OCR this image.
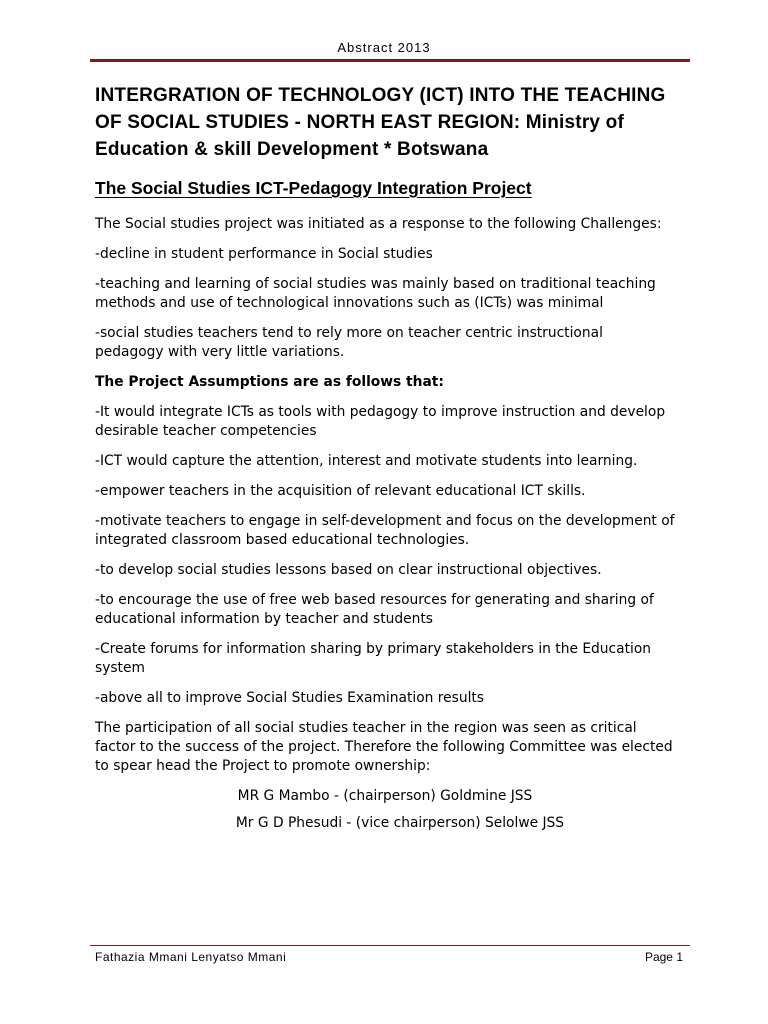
Abstract 2013
INTERGRATION OF TECHNOLOGY (ICT) INTO THE TEACHING OF SOCIAL STUDIES - NORTH EAST REGION: Ministry of Education & skill Development * Botswana
The Social Studies ICT-Pedagogy Integration Project

The Social studies project was initiated as a response to the following Challenges:

-decline in student performance in Social studies

-teaching and learning of social studies was mainly based on traditional teaching methods and use of technological innovations such as (ICTs) was minimal

-social studies teachers tend to rely more on teacher centric instructional pedagogy with very little variations.

The Project Assumptions are as follows that:

-It would integrate ICTs as tools with pedagogy to improve instruction and develop desirable teacher competencies

-ICT would capture the attention, interest and motivate students into learning.

-empower teachers in the acquisition of relevant educational ICT skills.

-motivate teachers to engage in self-development and focus on the development of integrated classroom based educational technologies.

-to develop social studies lessons based on clear instructional objectives.

-to encourage the use of free web based resources for generating and sharing of educational information by teacher and students

-Create forums for information sharing by primary stakeholders in the Education system

-above all to improve Social Studies Examination results

The participation of all social studies teacher in the region was seen as critical factor to the success of the project. Therefore the following Committee was elected to spear head the Project to promote ownership:

MR G Mambo - (chairperson) Goldmine JSS

Mr G D Phesudi - (vice chairperson) Selolwe JSS

Fathazia Mmani Lenyatso Mmani	Page 1
